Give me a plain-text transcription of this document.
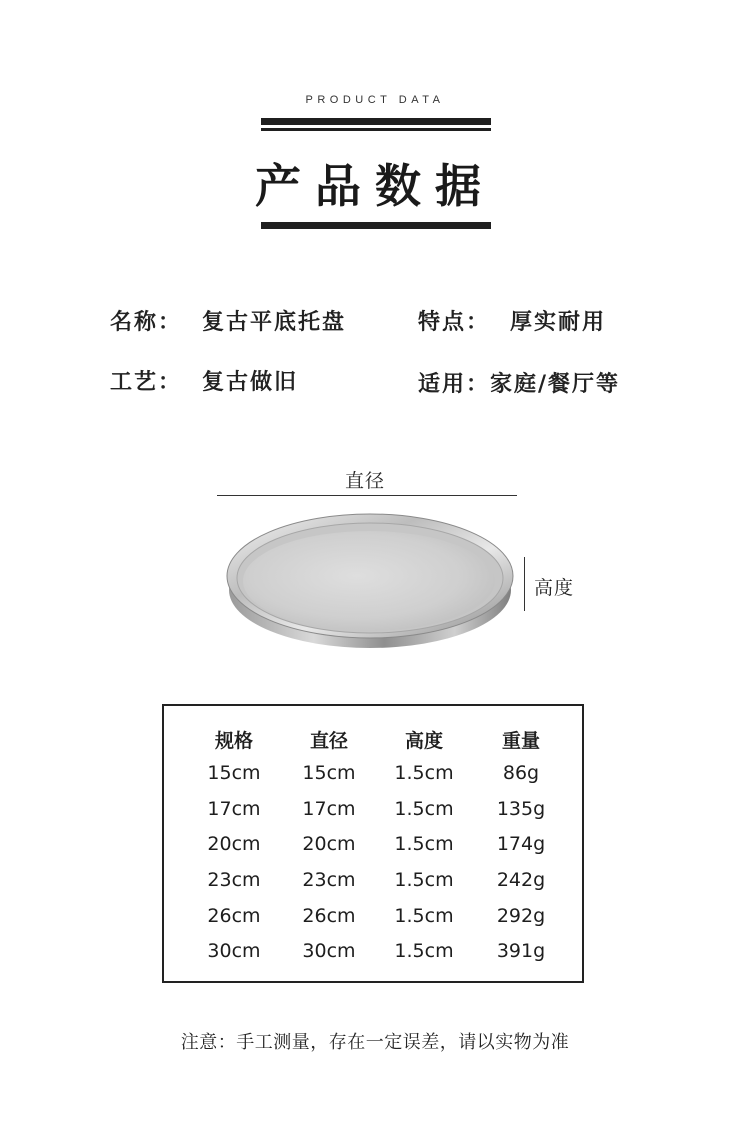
PRODUCT DATA
产品数据
名称： 复古平底托盘	特点： 厚实耐用
工艺： 复古做旧	适用：家庭/餐厅等
直径
高度
规格	直径	高度	重量
15cm	15cm	1.5cm	86g
17cm	17cm	1.5cm	135g
20cm	20cm	1.5cm	174g
23cm	23cm	1.5cm	242g
26cm	26cm	1.5cm	292g
30cm	30cm	1.5cm	391g
注意：手工测量，存在一定误差，请以实物为准
